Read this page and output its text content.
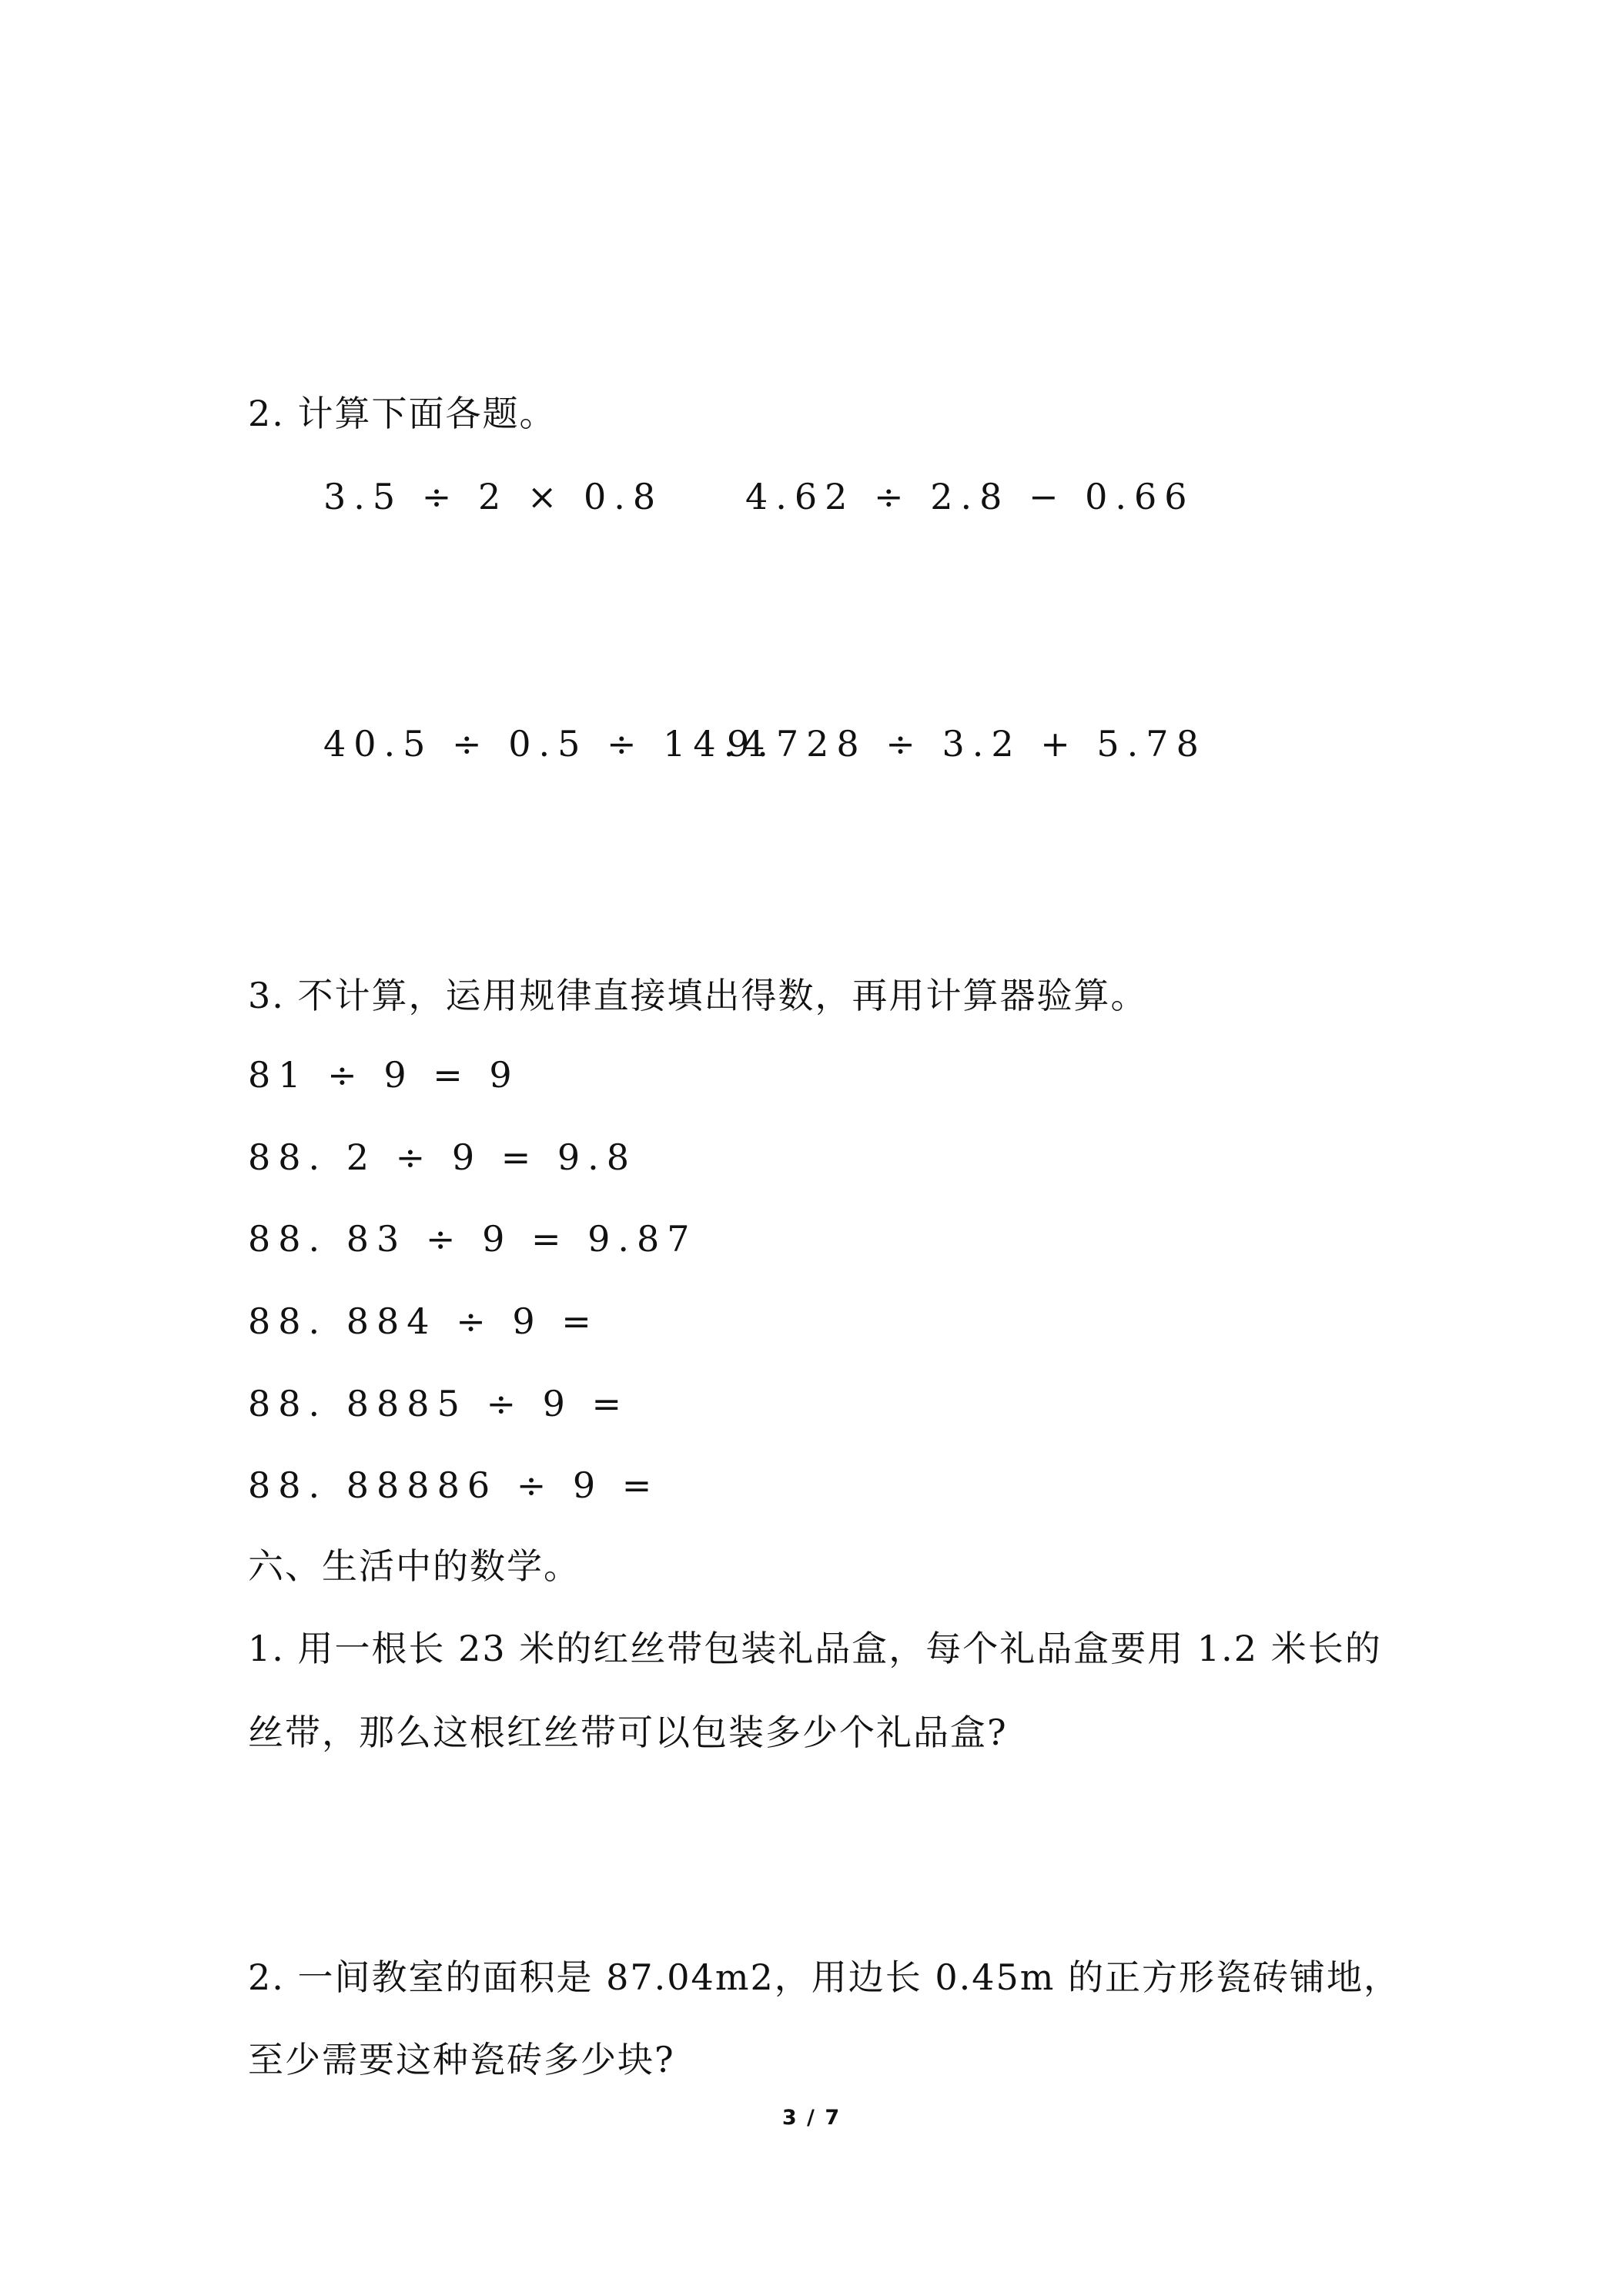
2. 计算下面各题。
3.5 ÷ 2 × 0.8 4.62 ÷ 2.8 − 0.66
40.5 ÷ 0.5 ÷ 14.4
9.728 ÷ 3.2 + 5.78
3. 不计算，运用规律直接填出得数，再用计算器验算。
81 ÷ 9 = 9
88. 2 ÷ 9 = 9.8
88. 83 ÷ 9 = 9.87
88. 884 ÷ 9 =
88. 8885 ÷ 9 =
88. 88886 ÷ 9 =
六、生活中的数学。
1. 用一根长 23 米的红丝带包装礼品盒，每个礼品盒要用 1.2 米长的
丝带，那么这根红丝带可以包装多少个礼品盒?
2. 一间教室的面积是 87.04m2，用边长 0.45m 的正方形瓷砖铺地，
至少需要这种瓷砖多少块?
3 / 7
